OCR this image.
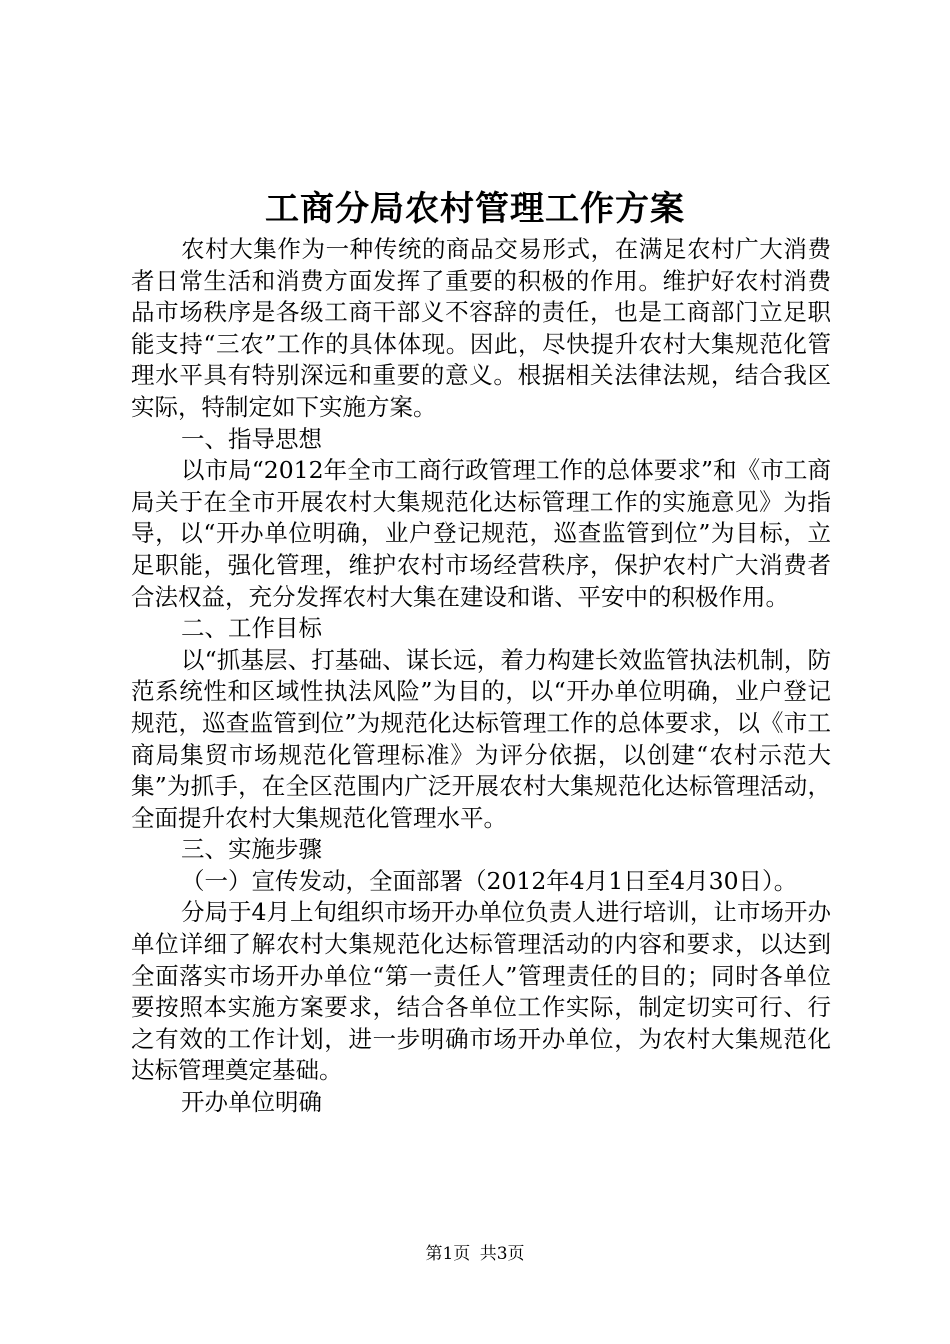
工商分局农村管理工作方案

农村大集作为一种传统的商品交易形式，在满足农村广大消费者日常生活和消费方面发挥了重要的积极的作用。维护好农村消费品市场秩序是各级工商干部义不容辞的责任，也是工商部门立足职能支持“三农”工作的具体体现。因此，尽快提升农村大集规范化管理水平具有特别深远和重要的意义。根据相关法律法规，结合我区实际，特制定如下实施方案。

一、指导思想

以市局“2012年全市工商行政管理工作的总体要求”和《市工商局关于在全市开展农村大集规范化达标管理工作的实施意见》为指导，以“开办单位明确，业户登记规范，巡查监管到位”为目标，立足职能，强化管理，维护农村市场经营秩序，保护农村广大消费者合法权益，充分发挥农村大集在建设和谐、平安中的积极作用。

二、工作目标

以“抓基层、打基础、谋长远，着力构建长效监管执法机制，防范系统性和区域性执法风险”为目的，以“开办单位明确，业户登记规范，巡查监管到位”为规范化达标管理工作的总体要求，以《市工商局集贸市场规范化管理标准》为评分依据，以创建“农村示范大集”为抓手，在全区范围内广泛开展农村大集规范化达标管理活动，全面提升农村大集规范化管理水平。

三、实施步骤

（一）宣传发动，全面部署（2012年4月1日至4月30日）。

分局于4月上旬组织市场开办单位负责人进行培训，让市场开办单位详细了解农村大集规范化达标管理活动的内容和要求，以达到全面落实市场开办单位“第一责任人”管理责任的目的；同时各单位要按照本实施方案要求，结合各单位工作实际，制定切实可行、行之有效的工作计划，进一步明确市场开办单位，为农村大集规范化达标管理奠定基础。

开办单位明确

第1页 共3页
